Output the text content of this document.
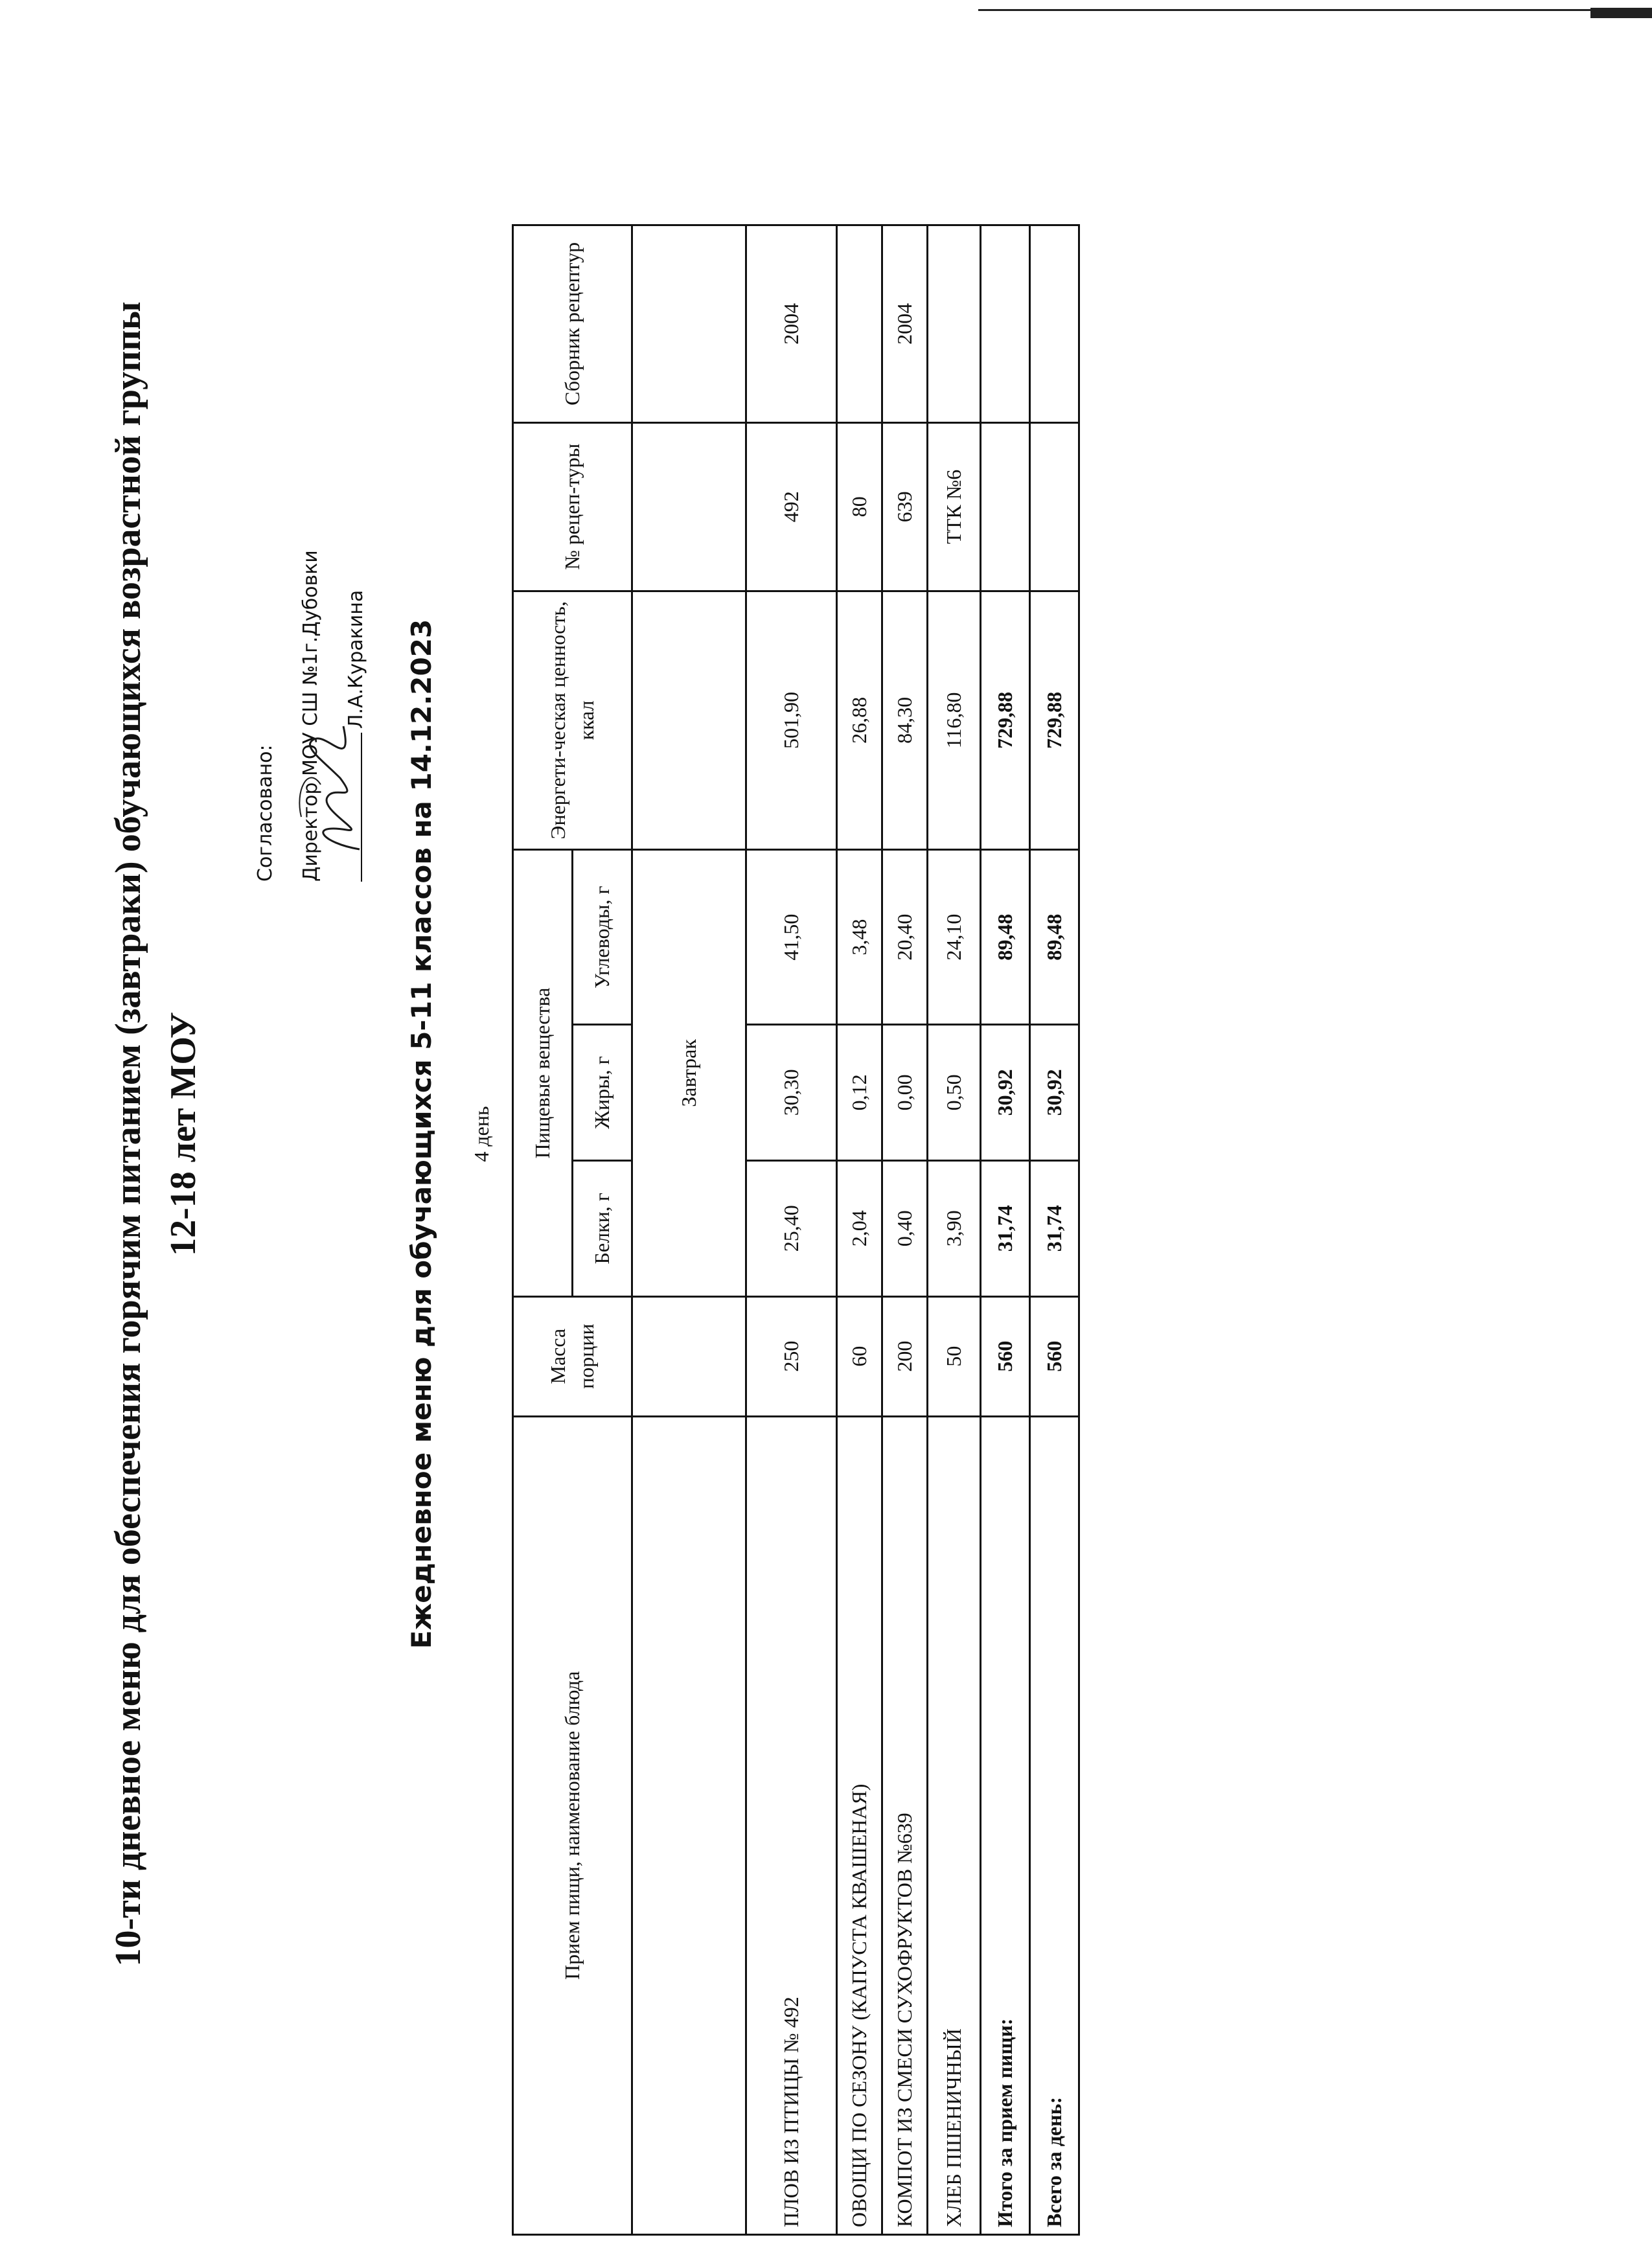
10-ти дневное меню для обеспечения горячим питанием (завтраки) обучающихся возрастной группы 12-18 лет МОУ
Согласовано: Директор МОУ СШ №1г.Дубовки Л.А.Куракина Ежедневное меню для обучающихся 5-11 классов на 14.12.2023 4 день
Прием пищи, наименование блюда	Масса порции	Пищевые вещества			Энергети-ческая ценность, ккал	№ рецеп-туры	Сборник рецептур
		Белки, г	Жиры, г	Углеводы, г			
		Завтрак					
ПЛОВ ИЗ ПТИЦЫ № 492	250	25,40	30,30	41,50	501,90	492	2004
ОВОЩИ ПО СЕЗОНУ (КАПУСТА КВАШЕНАЯ)	60	2,04	0,12	3,48	26,88	80	
КОМПОТ ИЗ СМЕСИ СУХОФРУКТОВ №639	200	0,40	0,00	20,40	84,30	639	2004
ХЛЕБ ПШЕНИЧНЫЙ	50	3,90	0,50	24,10	116,80	ТТК №6	
Итого за прием пищи:	560	31,74	30,92	89,48	729,88		
Всего за день:	560	31,74	30,92	89,48	729,88		
